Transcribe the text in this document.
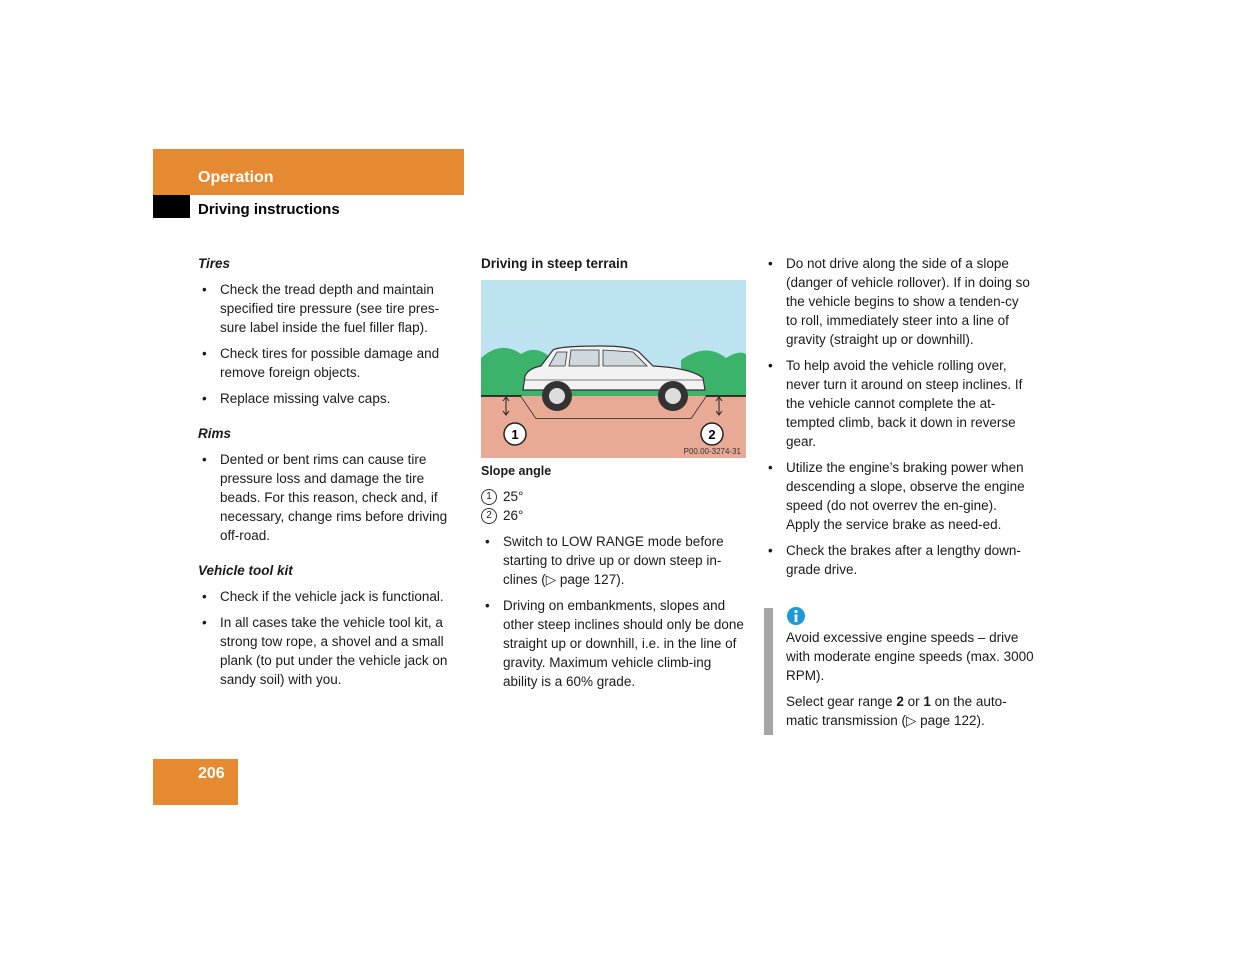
Operation
Driving instructions
Tires
• Check the tread depth and maintain specified tire pressure (see tire pres-sure label inside the fuel filler flap).
• Check tires for possible damage and remove foreign objects.
• Replace missing valve caps.
Rims
• Dented or bent rims can cause tire pressure loss and damage the tire beads. For this reason, check and, if necessary, change rims before driving off-road.
Vehicle tool kit
• Check if the vehicle jack is functional.
• In all cases take the vehicle tool kit, a strong tow rope, a shovel and a small plank (to put under the vehicle jack on sandy soil) with you.
Driving in steep terrain
1	2
P00.00-3274-31
Slope angle
1 25°
2 26°
• Switch to LOW RANGE mode before starting to drive up or down steep in-clines (▷ page 127).
• Driving on embankments, slopes and other steep inclines should only be done straight up or downhill, i.e. in the line of gravity. Maximum vehicle climb-ing ability is a 60% grade.
• Do not drive along the side of a slope (danger of vehicle rollover). If in doing so the vehicle begins to show a tenden-cy to roll, immediately steer into a line of gravity (straight up or downhill).
• To help avoid the vehicle rolling over, never turn it around on steep inclines. If the vehicle cannot complete the at-tempted climb, back it down in reverse gear.
• Utilize the engine’s braking power when descending a slope, observe the engine speed (do not overrev the en-gine). Apply the service brake as need-ed.
• Check the brakes after a lengthy down-grade drive.

Avoid excessive engine speeds – drive with moderate engine speeds (max. 3000 RPM).

Select gear range 2 or 1 on the auto-matic transmission (▷ page 122).

206
